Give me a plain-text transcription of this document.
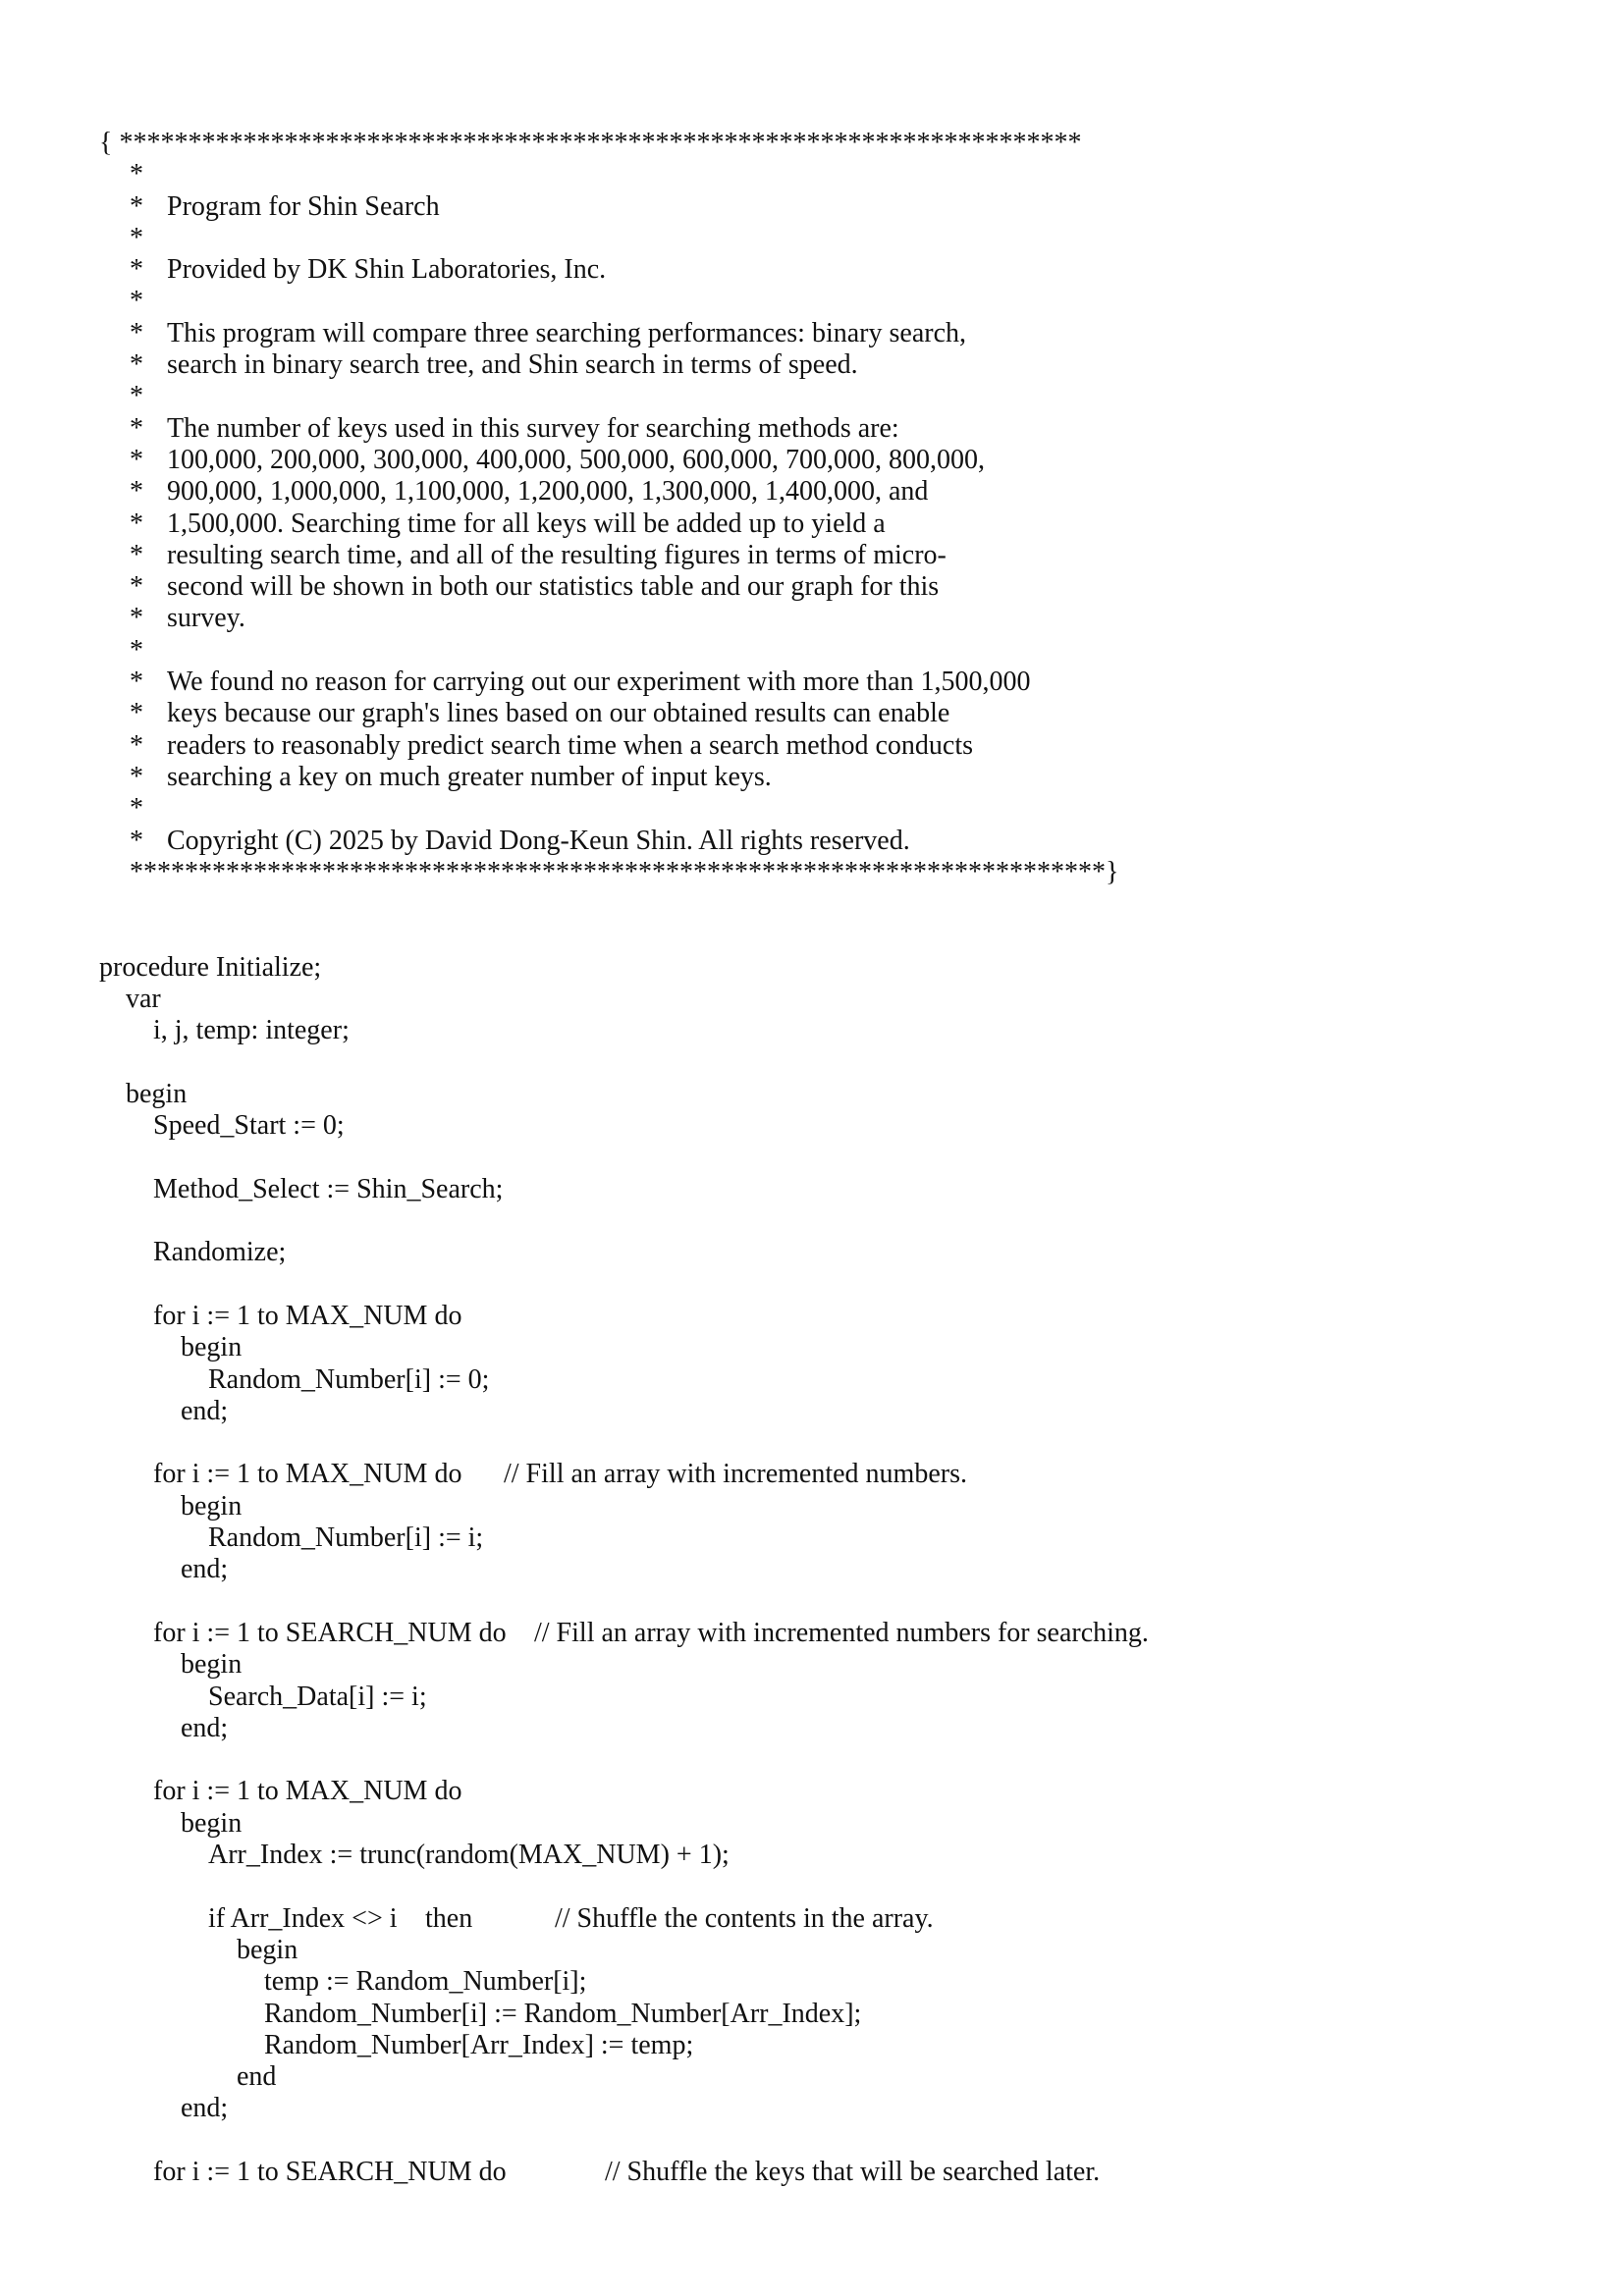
{ **********************************************************************
*
* Program for Shin Search
*
* Provided by DK Shin Laboratories, Inc.
*
* This program will compare three searching performances: binary search,
* search in binary search tree, and Shin search in terms of speed.
*
* The number of keys used in this survey for searching methods are:
* 100,000, 200,000, 300,000, 400,000, 500,000, 600,000, 700,000, 800,000,
* 900,000, 1,000,000, 1,100,000, 1,200,000, 1,300,000, 1,400,000, and
* 1,500,000. Searching time for all keys will be added up to yield a
* resulting search time, and all of the resulting figures in terms of micro-
* second will be shown in both our statistics table and our graph for this
* survey.
*
* We found no reason for carrying out our experiment with more than 1,500,000
* keys because our graph's lines based on our obtained results can enable
* readers to reasonably predict search time when a search method conducts
* searching a key on much greater number of input keys.
*
* Copyright (C) 2025 by David Dong-Keun Shin. All rights reserved.
***********************************************************************}
procedure Initialize;
var
i, j, temp: integer;
begin
Speed_Start := 0;
Method_Select := Shin_Search;
Randomize;
for i := 1 to MAX_NUM do
begin
Random_Number[i] := 0;
end;
for i := 1 to MAX_NUM do // Fill an array with incremented numbers.
begin
Random_Number[i] := i;
end;
for i := 1 to SEARCH_NUM do // Fill an array with incremented numbers for searching.
begin
Search_Data[i] := i;
end;
for i := 1 to MAX_NUM do
begin
Arr_Index := trunc(random(MAX_NUM) + 1);
if Arr_Index <> i then	// Shuffle the contents in the array.
begin
temp := Random_Number[i];
Random_Number[i] := Random_Number[Arr_Index];
Random_Number[Arr_Index] := temp;
end
end;
for i := 1 to SEARCH_NUM do	// Shuffle the keys that will be searched later.
